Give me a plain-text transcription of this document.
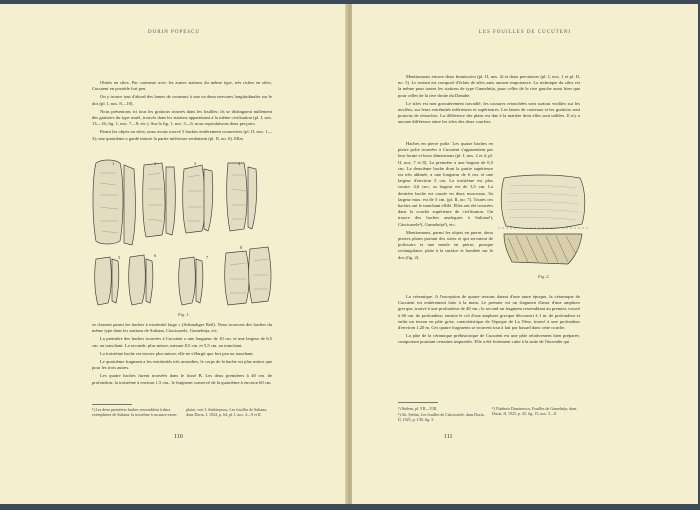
DORIN POPESCU

Obiets en silex. Par contraste avec les autres stations du même type, très riches en silex, Cucuteni en possède fort peu.

On y trouve tout d'abord des lames de couteaux à une ou deux nervures longitudinales sur le dos (pl. I, nos. 8—10).

Nous présentons ici tous les grattoirs trouvés dans les fouilles; ils se distinguent nullement des grattoirs du type usuel, trouvés dans les stations appartenant à la même civilisation (pl. I, nos. 13—16; fig. 1, nos. 7—8; etc.). Sur la fig. 1, nos. 5—6, nous reproduisons deux perçoirs.

Parmi les objets en silex, nous avons trouvé 3 haches entièrement conservées (pl. II, nos. 1—3); une quatrième a gardé intacte la partie inférieure seulement (pl. II, no. 6). Elles

1	2	3	4
5	6	7
8
Fig. 1.

se classent parmi les haches à extrémité large « (Schmaliger Beil). Nous trouvons des haches du même type dans les stations de Sultana, Căscioarele, Gumelnița, etc.

La première des haches trouvées à Cucuteni a une longueur de 10 cm. et une largeur de 6,5 cm. au tranchant. La seconde, plus mince, mesure 8,5 cm. et 5,5 cm. au tranchant.

La troisième hache est encore plus mince, elle ne s'élargit que fort peu au tranchant.

Le quatrième fragment a les extrémités très arrondies; le corps de la hache est plus mince que pour les trois autres.

Les quatre haches furent trouvées dans le fossé B. Les deux premières à 40 cm. de profondeur, la troisième à environ 1,5 cm., le fragment conservé de la quatrième à environ 60 cm.

¹) Les deux premières haches ressemblent à deux exemplaires de Sultana, la troisième à un autre exem-
plaire, voir I. Andrieșescu, Les fouilles de Sultana, dans Dacia, I, 1924, p. 64, pl. I, nos. 4—9 et II.
110
LES FOUILLES DE CUCUTENI

Mentionnons encore deux brunissoirs (pl. II, nos. 4) et deux percuteurs (pl. I, nos. 1 et pl. II, no. 5). Le restant est composé d'éclats de silex sans aucune importance. La technique du silex est la même pour toutes les stations de type Gumelnița, pour celles de la rive gauche aussi bien que pour celles de la rive droite du Danube.

Le silex est non grossièrement travaillé; les cassures retouchées sont surtout visibles sur les nucléus, sur leurs extrémités inférieures et supérieures. Les lames de couteaux et les grattoirs sont pourvus de retouches. La différence des plans est due à la matière dont elles sont taillées. Il n'y a aucune différence entre les silex des deux couches.

Haches en pierre polie. Les quatre haches en pierre polie trouvées à Cucuteni s'apparentent par leur forme et leurs dimensions (pl. I, nos. 2 et 4; pl. II, nos. 7 et 8). La première a une largeur de 6,5 cm. La deuxième hache dont la partie supérieure est très abîmée, a une longueur de 6 cm. et une largeur d'environ 5 cm. La troisième est plus courte: 4,6 cm.; sa largeur est de 3,5 cm. La dernière hache est cassée en deux morceaux. Sa largeur max. est de 3 cm. (pl. II, no. 7). Toutes ces haches ont le tranchant effilé. Elles ont été trouvées dans la couche supérieure de civilisation. On trouve des haches analogues à Sultana¹), Căscioarele²), Gumelnița³), etc.

Mentionnons, parmi les objets en pierre, deux pierres plates portant des stries et qui servaient de polissoirs et une meule en pierre, presque rectangulaire, plate à la surface et bombée sur le dos (fig. 2).

Fig. 2.

La céramique. A l'exception de quatre tessons datant d'une autre époque, la céramique de Cucuteni est entièrement faite à la main. Le premier est un fragment d'anse d'une amphore grecque, trouvé à une profondeur de 40 cm.; le second un fragment ressemblant au premier, trouvé à 60 cm. de profondeur; ensuite le col d'une amphore grecque découvert à 1 m. de profondeur et enfin un tesson en pâte grise, caractéristique de l'époque de La Tène, trouvé à une profondeur d'environ 1,20 m. Ces quatre fragments se trouvent tout à fait par hasard dans cette couche.

La pâte de la céramique préhistorique de Cucuteni est une pâte relativement bien préparée, comportant pourtant certaines impuretés. Elle a été fortement cuite à la suite de l'incendie qui

¹) Ibidem, pl. VII—VIII.
²) Gh. Ștefan, Les fouilles de Căscioarele, dans Dacia, II, 1925, p. 138, fig. 3.
³) Vladimir Dumitrescu, Fouilles de Gumelnița, dans Dacia, II, 1925, p. 45, fig. 15, nos. 5—8.
111
